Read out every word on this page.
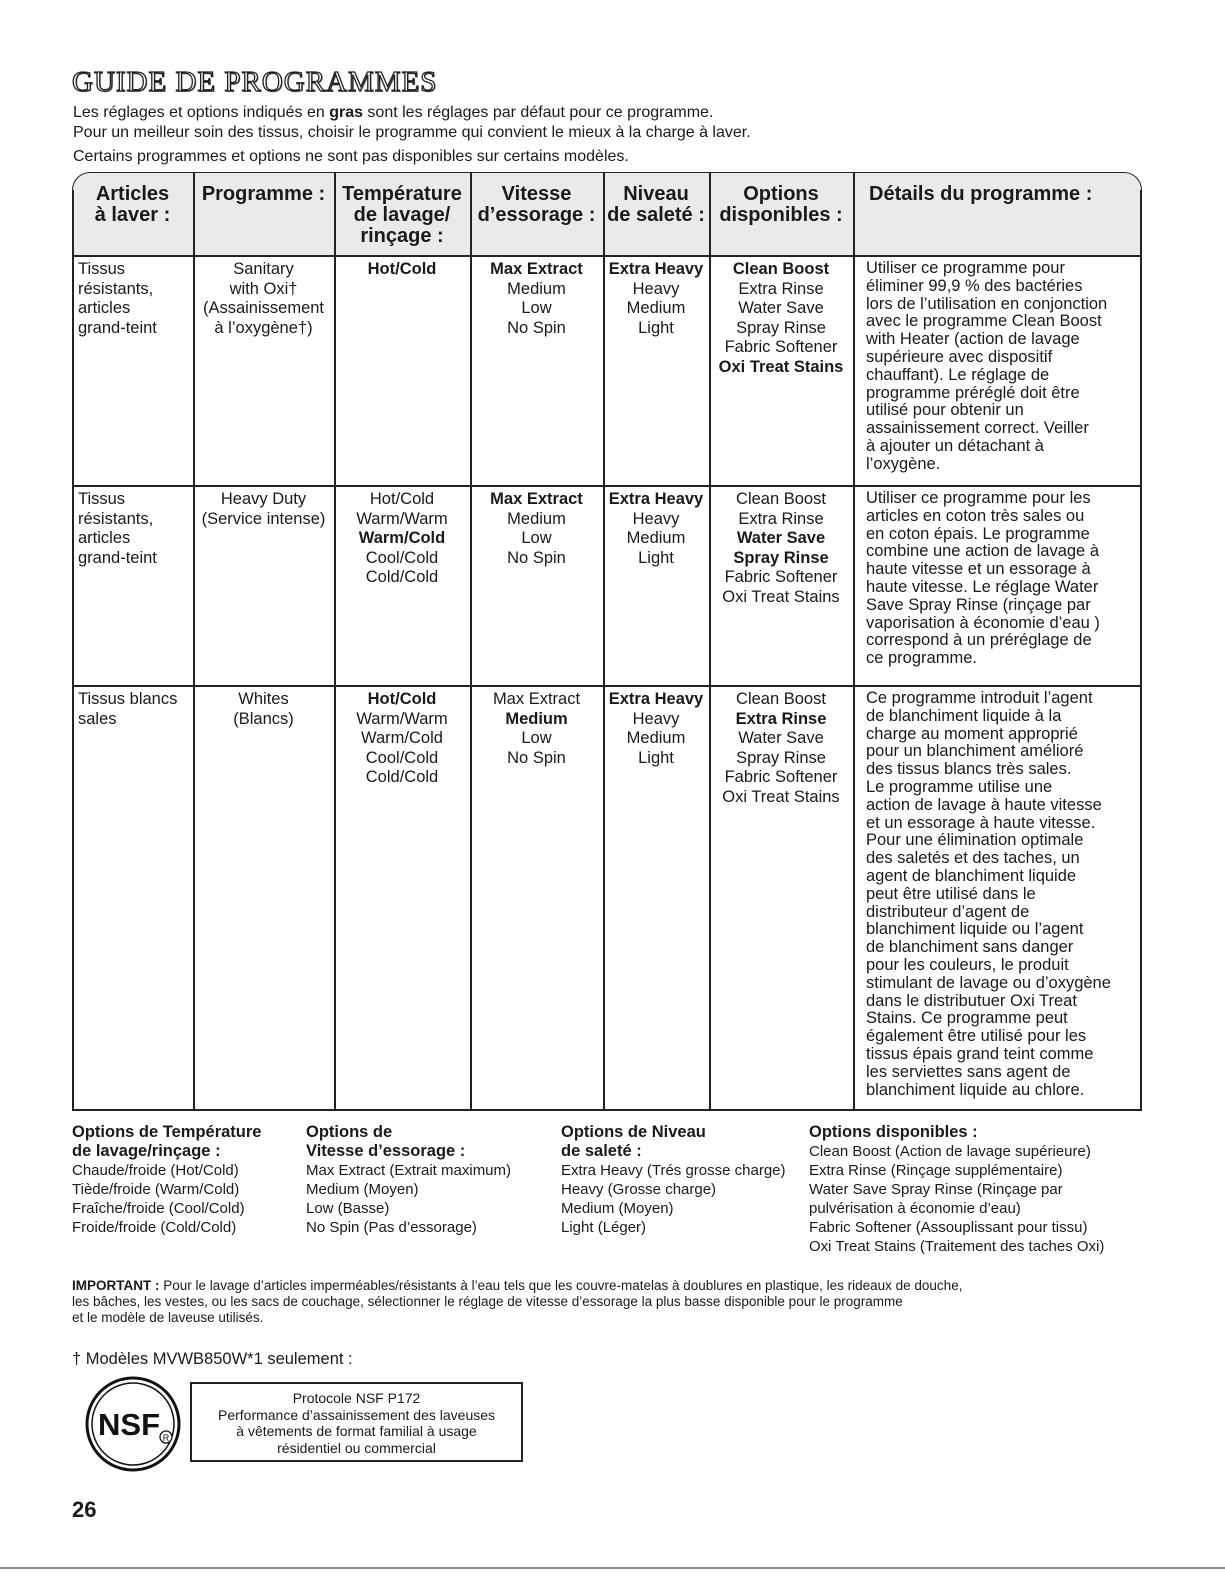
GUIDE DE PROGRAMMES
Les réglages et options indiqués en gras sont les réglages par défaut pour ce programme.
Pour un meilleur soin des tissus, choisir le programme qui convient le mieux à la charge à laver.
Certains programmes et options ne sont pas disponibles sur certains modèles.
Articles
à laver :
Programme : Température
de lavage/
rinçage :
Vitesse
d’essorage :
Niveau
de saleté :
Options
disponibles :
Détails du programme :
Tissus
résistants,
articles
grand-teint
Sanitary
with Oxi†
(Assainissement
à l’oxygène†)
Hot/Cold	Max Extract
Medium
Low
No Spin
Extra Heavy
Heavy
Medium
Light
Clean Boost
Extra Rinse
Water Save
Spray Rinse
Fabric Softener
Oxi Treat Stains
Utiliser ce programme pour
éliminer 99,9 % des bactéries
lors de l’utilisation en conjonction
avec le programme Clean Boost
with Heater (action de lavage
supérieure avec dispositif
chauffant). Le réglage de
programme préréglé doit être
utilisé pour obtenir un
assainissement correct. Veiller
à ajouter un détachant à
l’oxygène.
Tissus
résistants,
articles
grand-teint
Heavy Duty
(Service intense)
Hot/Cold
Warm/Warm
Warm/Cold
Cool/Cold
Cold/Cold
Max Extract
Medium
Low
No Spin
Extra Heavy
Heavy
Medium
Light
Clean Boost
Extra Rinse
Water Save
Spray Rinse
Fabric Softener
Oxi Treat Stains
Utiliser ce programme pour les
articles en coton très sales ou
en coton épais. Le programme
combine une action de lavage à
haute vitesse et un essorage à
haute vitesse. Le réglage Water
Save Spray Rinse (rinçage par
vaporisation à économie d’eau )
correspond à un préréglage de
ce programme.
Tissus blancs
sales
Whites
(Blancs)
Hot/Cold
Warm/Warm
Warm/Cold
Cool/Cold
Cold/Cold
Max Extract
Medium
Low
No Spin
Extra Heavy
Heavy
Medium
Light
Clean Boost
Extra Rinse
Water Save
Spray Rinse
Fabric Softener
Oxi Treat Stains
Ce programme introduit l’agent
de blanchiment liquide à la
charge au moment approprié
pour un blanchiment amélioré
des tissus blancs très sales.
Le programme utilise une
action de lavage à haute vitesse
et un essorage à haute vitesse.
Pour une élimination optimale
des saletés et des taches, un
agent de blanchiment liquide
peut être utilisé dans le
distributeur d’agent de
blanchiment liquide ou l’agent
de blanchiment sans danger
pour les couleurs, le produit
stimulant de lavage ou d’oxygène
dans le distributuer Oxi Treat
Stains. Ce programme peut
également être utilisé pour les
tissus épais grand teint comme
les serviettes sans agent de
blanchiment liquide au chlore.
Options de Température
de lavage/rinçage :
Chaude/froide (Hot/Cold)
Tiède/froide (Warm/Cold)
Fraîche/froide (Cool/Cold)
Froide/froide (Cold/Cold)
Options de
Vitesse d’essorage :
Max Extract (Extrait maximum)
Medium (Moyen)
Low (Basse)
No Spin (Pas d’essorage)
Options de Niveau
de saleté :
Extra Heavy (Trés grosse charge)
Heavy (Grosse charge)
Medium (Moyen)
Light (Léger)
Options disponibles :
Clean Boost (Action de lavage supérieure)
Extra Rinse (Rinçage supplémentaire)
Water Save Spray Rinse (Rinçage par
pulvérisation à économie d’eau)
Fabric Softener (Assouplissant pour tissu)
Oxi Treat Stains (Traitement des taches Oxi)
IMPORTANT : Pour le lavage d’articles imperméables/résistants à l’eau tels que les couvre-matelas à doublures en plastique, les rideaux de douche,
les bâches, les vestes, ou les sacs de couchage, sélectionner le réglage de vitesse d’essorage la plus basse disponible pour le programme
et le modèle de laveuse utilisés.
† Modèles MVWB850W*1 seulement :
NSF R
Protocole NSF P172
Performance d’assainissement des laveuses
à vêtements de format familial à usage
résidentiel ou commercial
26
